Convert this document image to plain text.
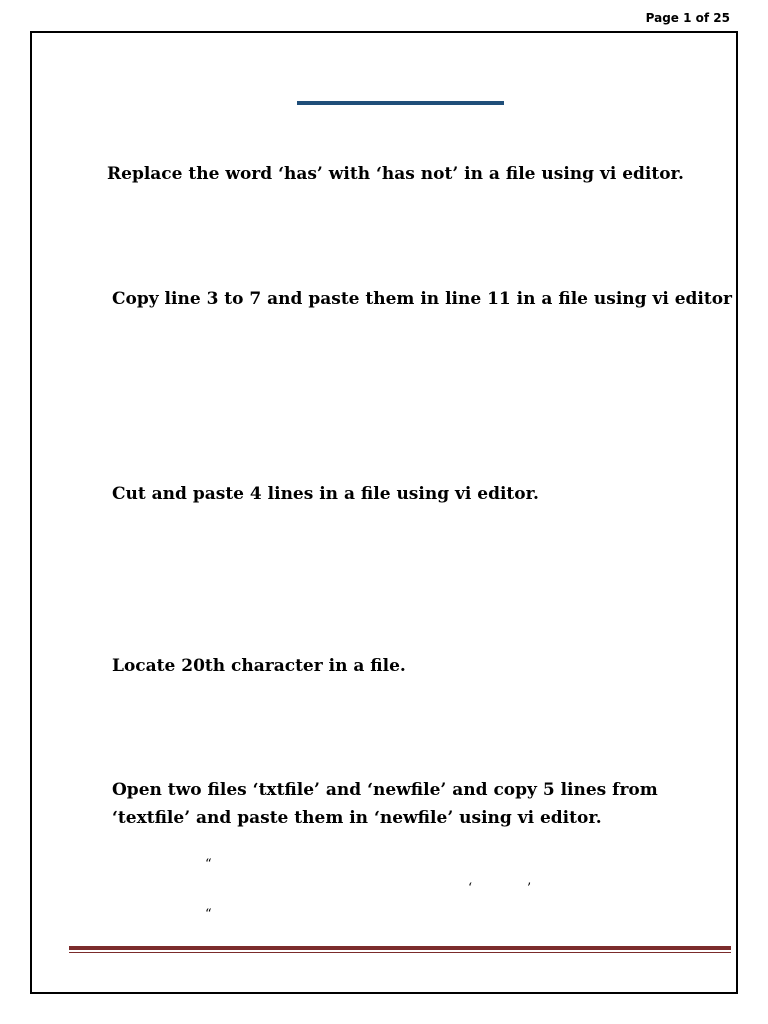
Page 1 of 25

Replace the word ‘has’ with ‘has not’ in a file using vi editor.

Copy line 3 to 7 and paste them in line 11 in a file using vi editor

Cut and paste 4 lines in a file using vi editor.

Locate 20th character in a file.

Open two files ‘txtfile’ and ‘newfile’ and copy 5 lines from ‘textfile’ and paste them in ‘newfile’ using vi editor.

“
‘	’
“
